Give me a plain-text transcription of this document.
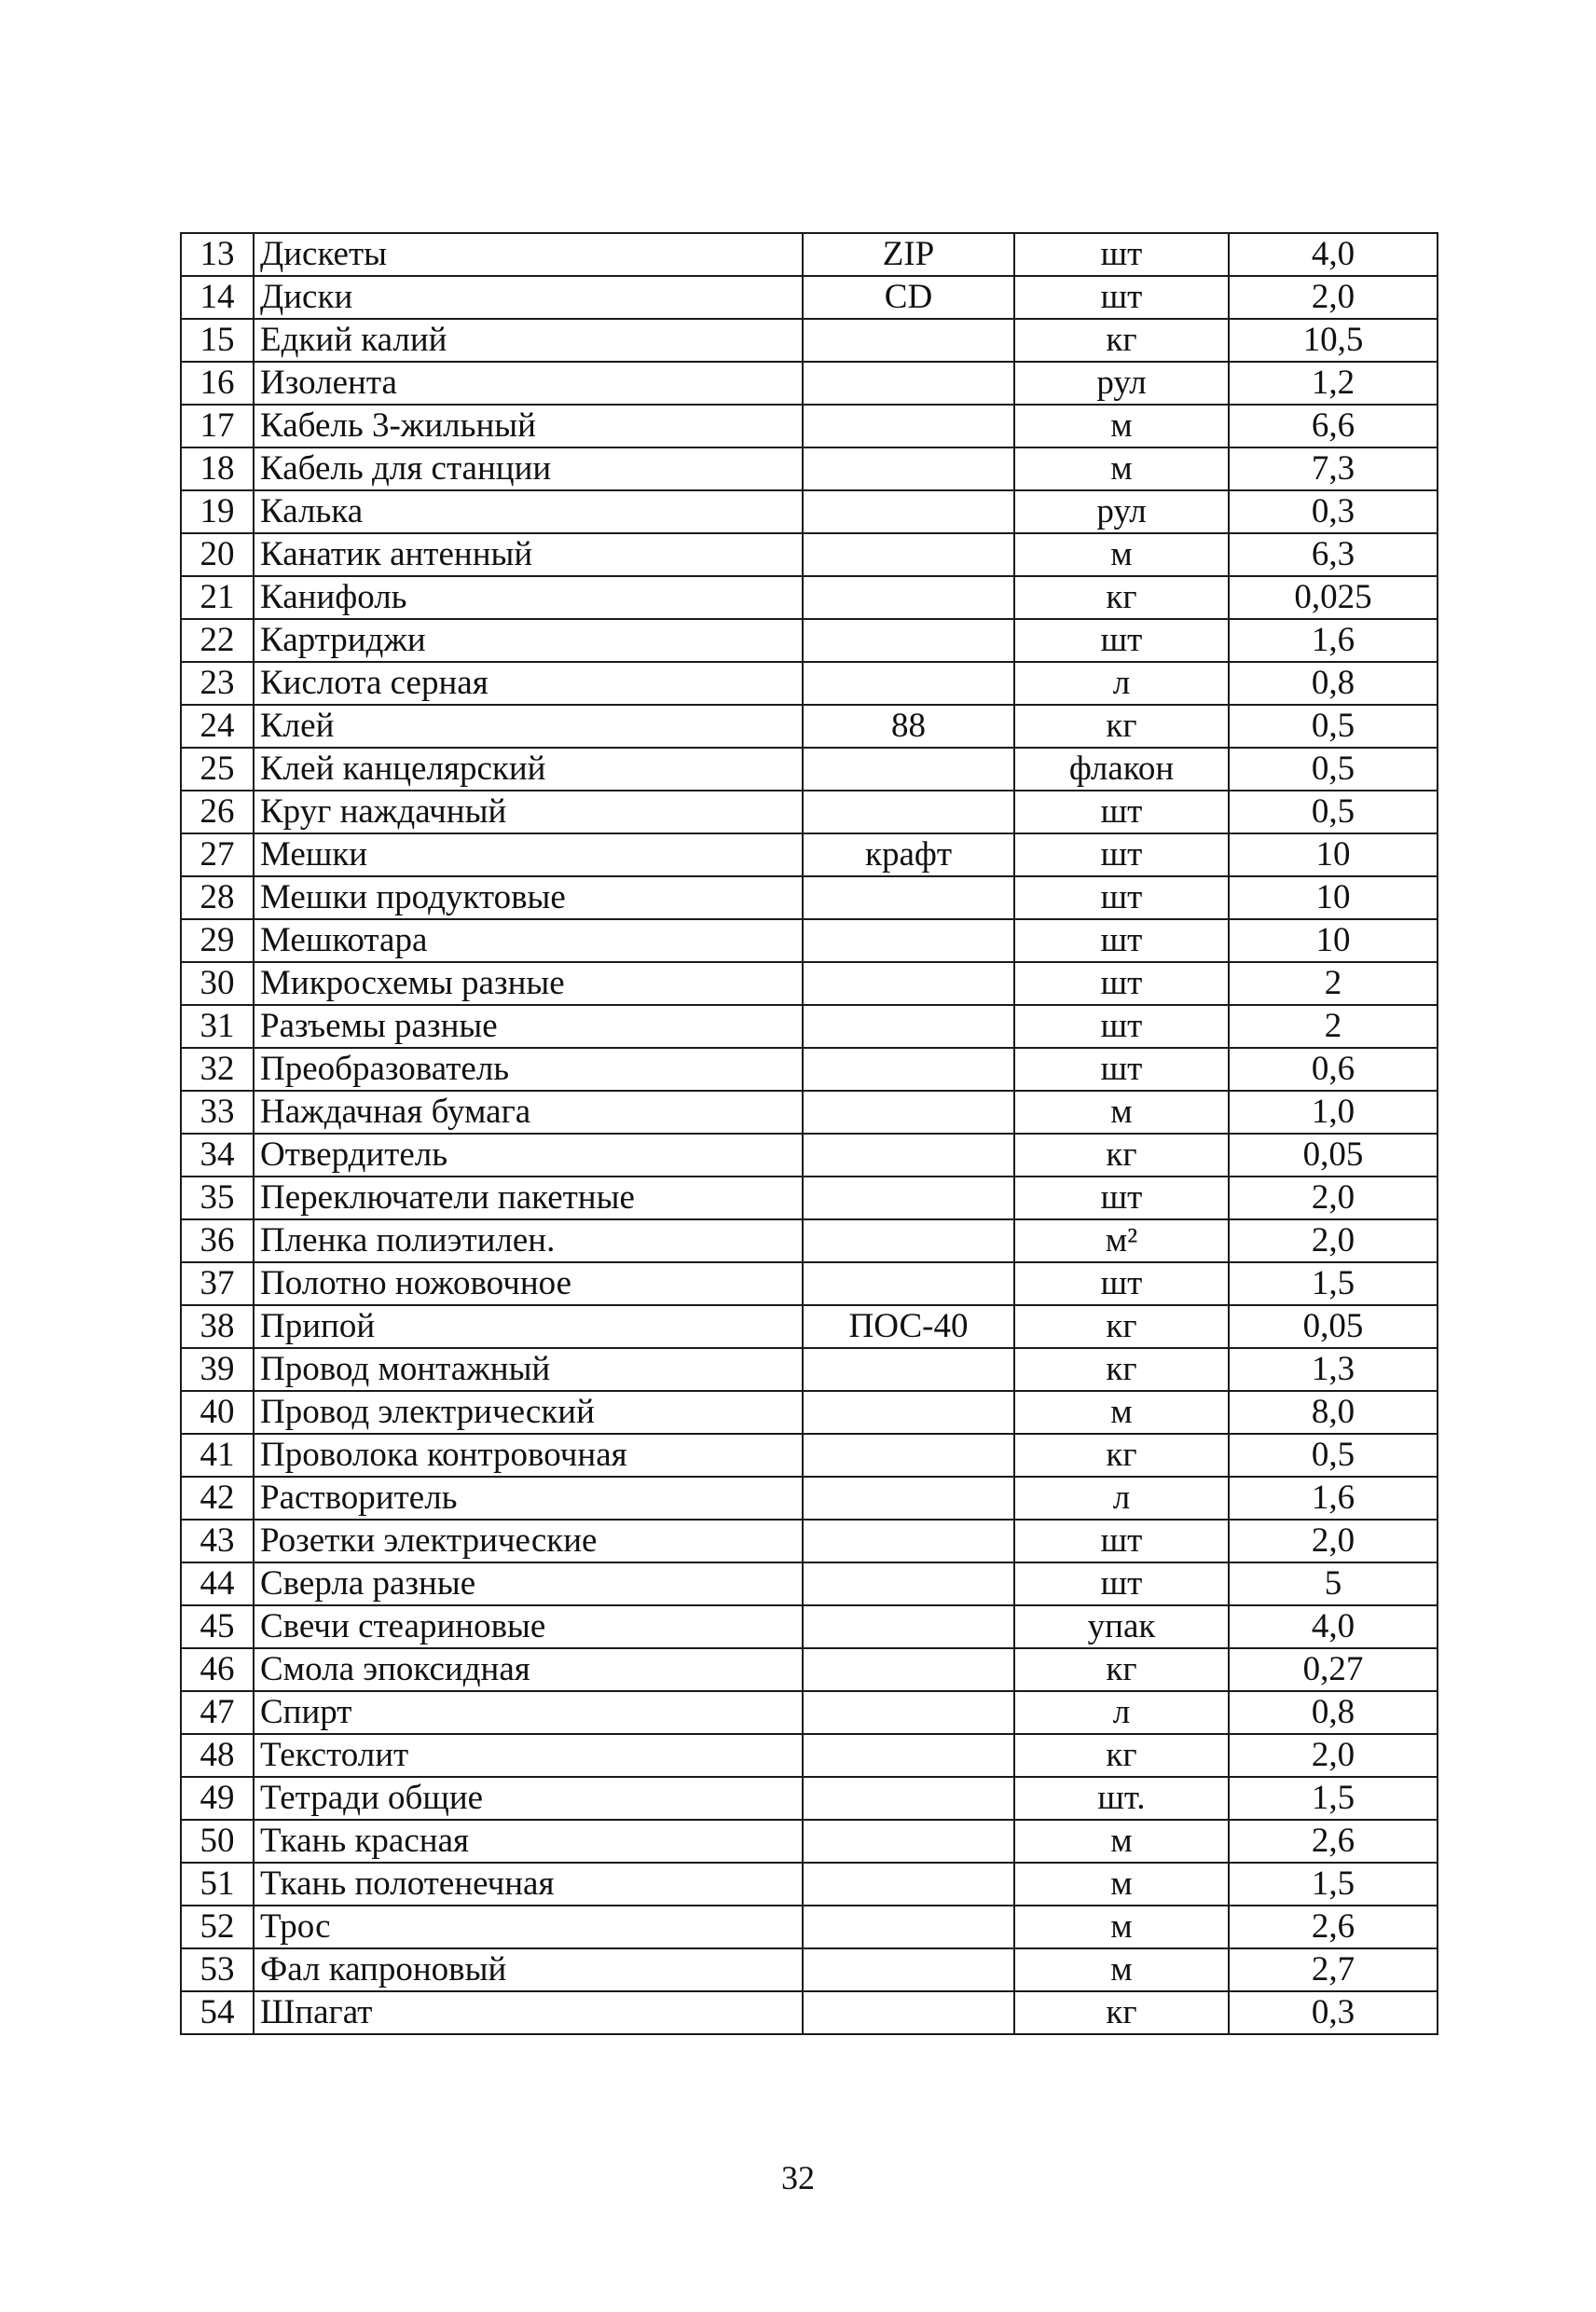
13	Дискеты	ZIP	шт	4,0
14	Диски	CD	шт	2,0
15	Едкий калий		кг	10,5
16	Изолента		рул	1,2
17	Кабель 3-жильный		м	6,6
18	Кабель для станции		м	7,3
19	Калька		рул	0,3
20	Канатик антенный		м	6,3
21	Канифоль		кг	0,025
22	Картриджи		шт	1,6
23	Кислота серная		л	0,8
24	Клей	88	кг	0,5
25	Клей канцелярский		флакон	0,5
26	Круг наждачный		шт	0,5
27	Мешки	крафт	шт	10
28	Мешки продуктовые		шт	10
29	Мешкотара		шт	10
30	Микросхемы разные		шт	2
31	Разъемы разные		шт	2
32	Преобразователь		шт	0,6
33	Наждачная бумага		м	1,0
34	Отвердитель		кг	0,05
35	Переключатели пакетные		шт	2,0
36	Пленка полиэтилен.		м²	2,0
37	Полотно ножовочное		шт	1,5
38	Припой	ПОС-40	кг	0,05
39	Провод монтажный		кг	1,3
40	Провод электрический		м	8,0
41	Проволока контровочная		кг	0,5
42	Растворитель		л	1,6
43	Розетки электрические		шт	2,0
44	Сверла разные		шт	5
45	Свечи стеариновые		упак	4,0
46	Смола эпоксидная		кг	0,27
47	Спирт		л	0,8
48	Текстолит		кг	2,0
49	Тетради общие		шт.	1,5
50	Ткань красная		м	2,6
51	Ткань полотенечная		м	1,5
52	Трос		м	2,6
53	Фал капроновый		м	2,7
54	Шпагат		кг	0,3
32
